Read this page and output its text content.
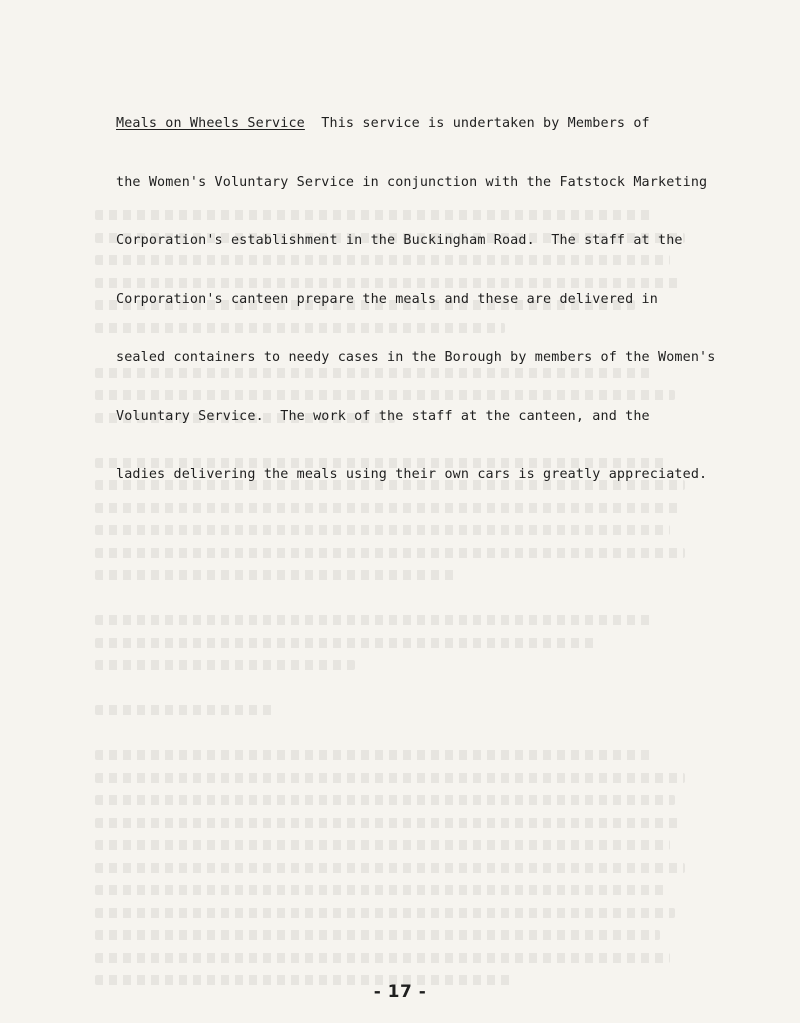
Meals on Wheels Service  This service is undertaken by Members of

the Women's Voluntary Service in conjunction with the Fatstock Marketing

Corporation's establishment in the Buckingham Road.  The staff at the

Corporation's canteen prepare the meals and these are delivered in

sealed containers to needy cases in the Borough by members of the Women's

Voluntary Service.  The work of the staff at the canteen, and the

ladies delivering the meals using their own cars is greatly appreciated.

- 17 -
